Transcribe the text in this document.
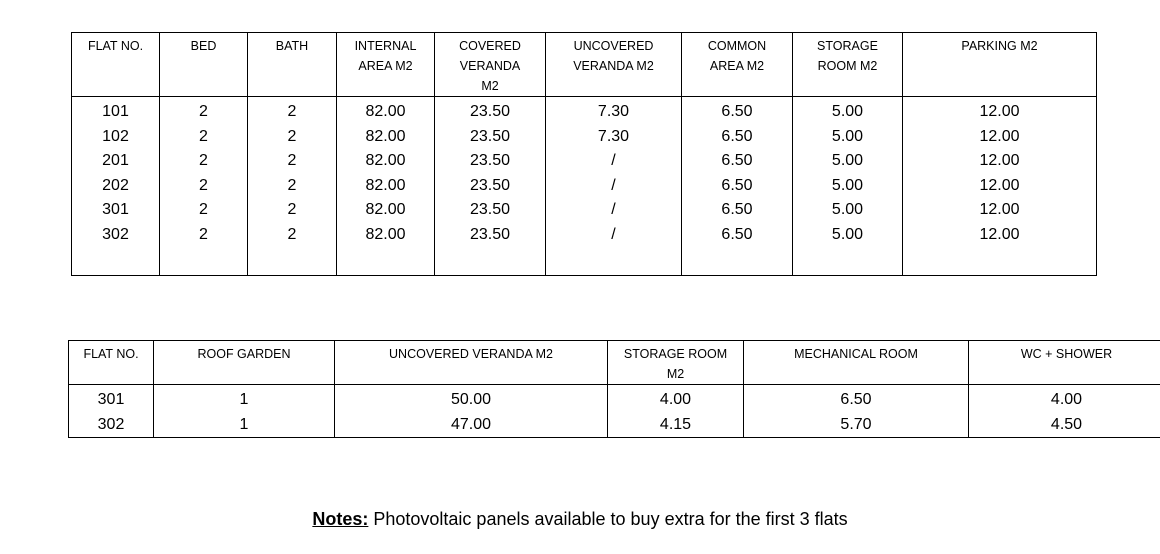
FLAT NO.	BED	BATH	INTERNAL AREA M2	COVERED VERANDA M2	UNCOVERED VERANDA M2	COMMON AREA M2	STORAGE ROOM M2	PARKING M2
101	2	2	82.00	23.50	7.30	6.50	5.00	12.00
102	2	2	82.00	23.50	7.30	6.50	5.00	12.00
201	2	2	82.00	23.50	/	6.50	5.00	12.00
202	2	2	82.00	23.50	/	6.50	5.00	12.00
301	2	2	82.00	23.50	/	6.50	5.00	12.00
302	2	2	82.00	23.50	/	6.50	5.00	12.00

FLAT NO.	ROOF GARDEN	UNCOVERED VERANDA M2	STORAGE ROOM M2	MECHANICAL ROOM	WC + SHOWER
301	1	50.00	4.00	6.50	4.00
302	1	47.00	4.15	5.70	4.50
Notes: Photovoltaic panels available to buy extra for the first 3 flats
